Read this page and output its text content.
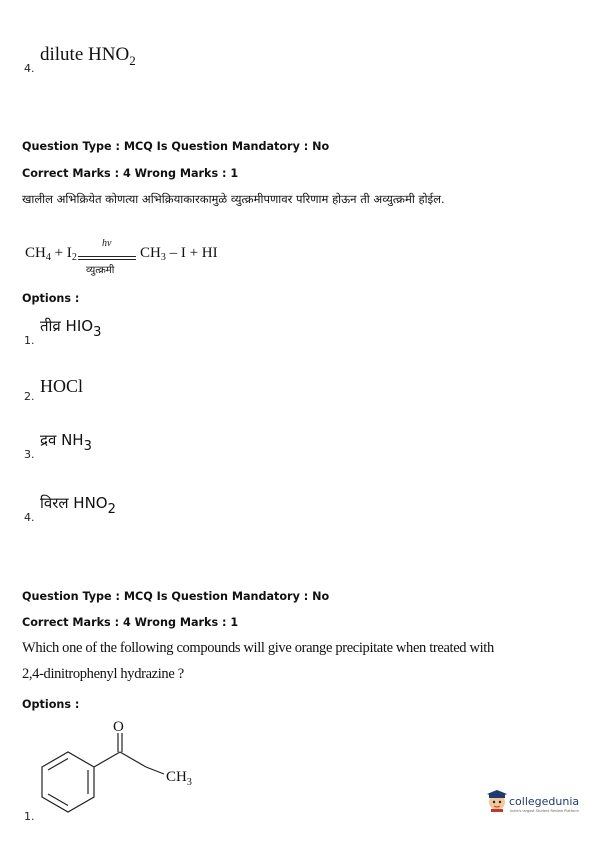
4.
dilute $HNO_2$
Question Type : MCQ Is Question Mandatory : No
Correct Marks : 4 Wrong Marks : 1
खालील अभिक्रियेत कोणत्या अभिक्रियाकारकामुळे व्युत्क्रमीपणावर परिणाम होऊन ती अव्युत्क्रमी होईल.
$CH_4 + I_2$
hv
व्युत्क्रमी
$CH_3$ – I + HI
Options :
1.
तीव्र $HIO_3$
2.
HOCl
3.
द्रव $NH_3$
4.
विरल $HNO_2$
Question Type : MCQ Is Question Mandatory : No
Correct Marks : 4 Wrong Marks : 1
Which one of the following compounds will give orange precipitate when treated with
2,4-dinitrophenyl hydrazine ?
Options :
O
$CH_3$
1.
collegedunia
India's largest Student Review Platform
